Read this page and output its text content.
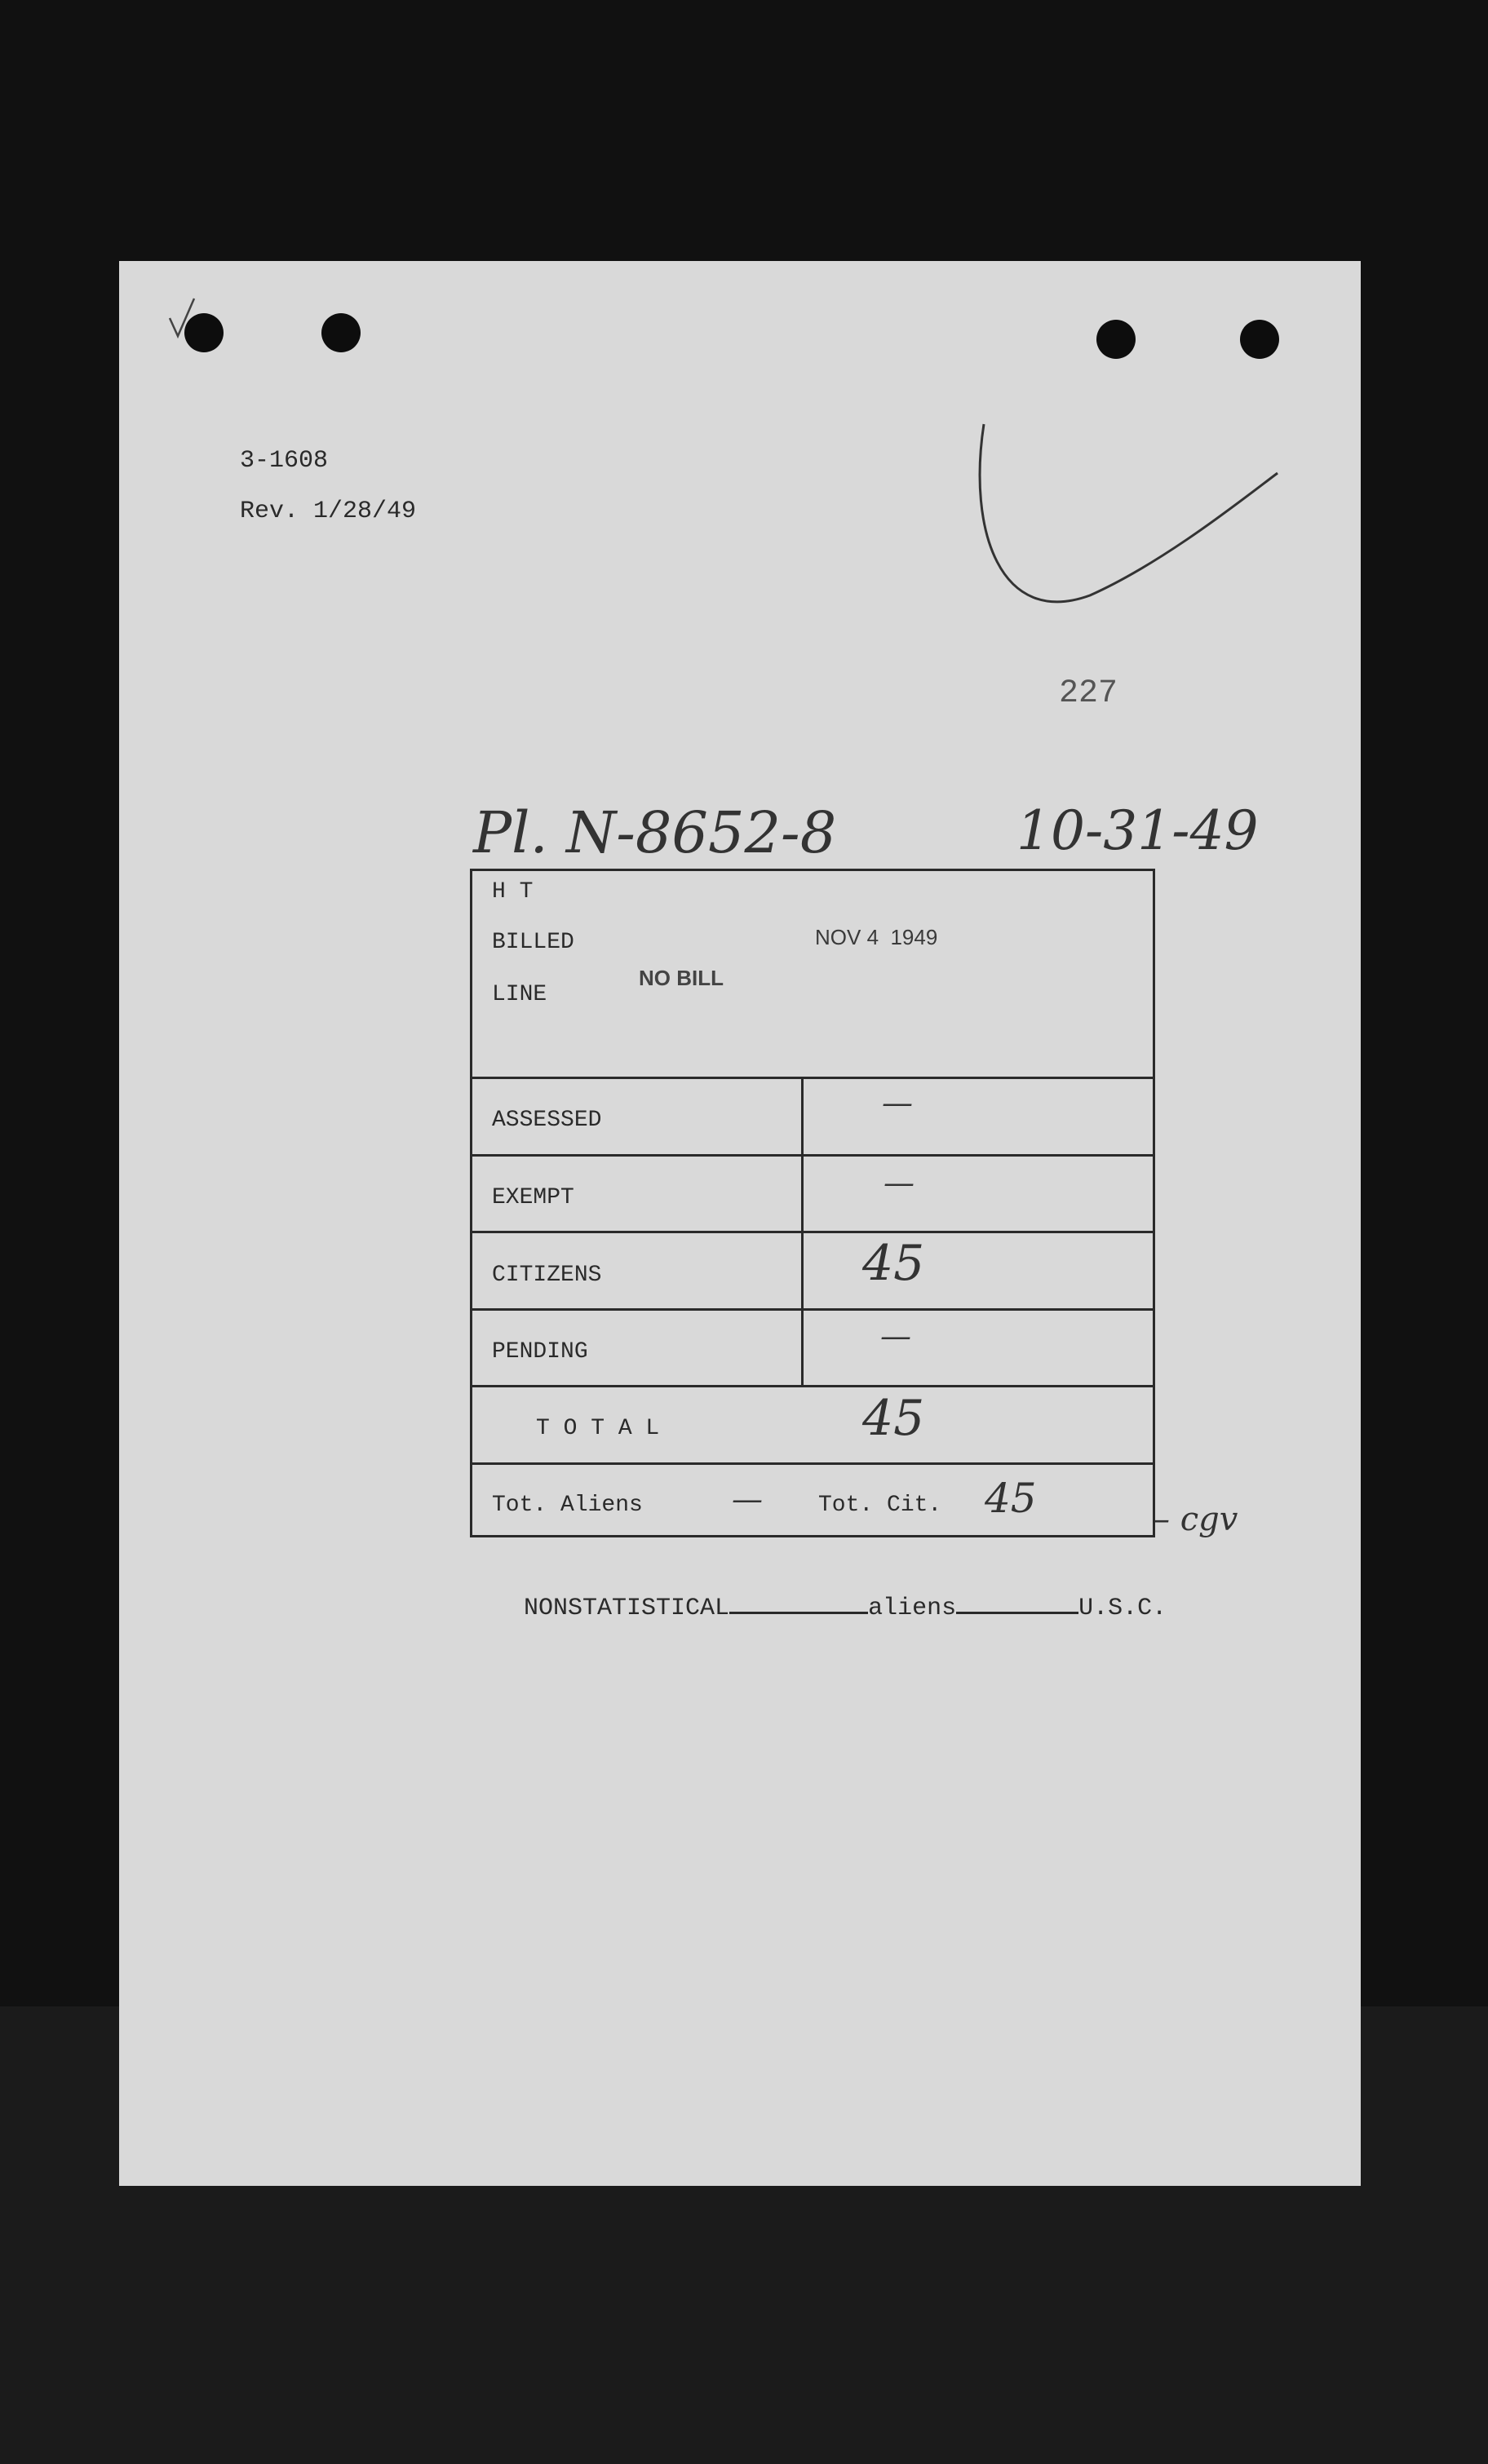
3-1608
Rev. 1/28/49
227
Pl. N-8652-8	10-31-49
– cgv

NONSTATISTICAL	aliens	U.S.C.

H T
BILLED
LINE
NOV 4  1949
NO BILL
ASSESSED	—
EXEMPT	—
CITIZENS	45
PENDING	—
T O T A L	45
Tot. Aliens	— Tot. Cit. 45
